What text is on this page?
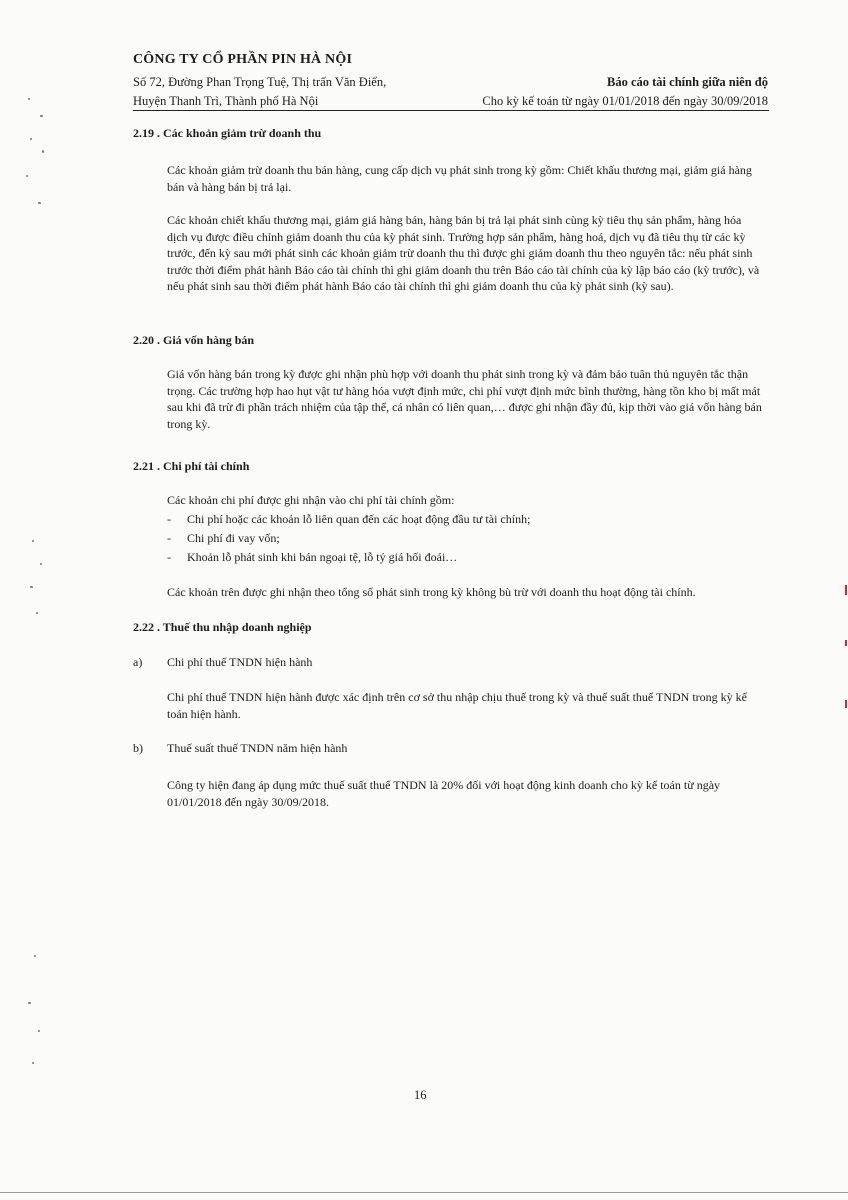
CÔNG TY CỔ PHẦN PIN HÀ NỘI
Số 72, Đường Phan Trọng Tuệ, Thị trấn Văn Điển,
Huyện Thanh Trì, Thành phố Hà Nội
Báo cáo tài chính giữa niên độ
Cho kỳ kế toán từ ngày 01/01/2018 đến ngày 30/09/2018
2.19 . Các khoản giảm trừ doanh thu
Các khoản giảm trừ doanh thu bán hàng, cung cấp dịch vụ phát sinh trong kỳ gồm: Chiết khấu thương mại, giảm giá hàng bán và hàng bán bị trả lại.
Các khoản chiết khấu thương mại, giảm giá hàng bán, hàng bán bị trả lại phát sinh cùng kỳ tiêu thụ sản phẩm, hàng hóa dịch vụ được điều chỉnh giảm doanh thu của kỳ phát sinh. Trường hợp sản phẩm, hàng hoá, dịch vụ đã tiêu thụ từ các kỳ trước, đến kỳ sau mới phát sinh các khoản giảm trừ doanh thu thì được ghi giảm doanh thu theo nguyên tắc: nếu phát sinh trước thời điểm phát hành Báo cáo tài chính thì ghi giảm doanh thu trên Báo cáo tài chính của kỳ lập báo cáo (kỳ trước), và nếu phát sinh sau thời điểm phát hành Báo cáo tài chính thì ghi giảm doanh thu của kỳ phát sinh (kỳ sau).
2.20 . Giá vốn hàng bán
Giá vốn hàng bán trong kỳ được ghi nhận phù hợp với doanh thu phát sinh trong kỳ và đảm bảo tuân thủ nguyên tắc thận trọng. Các trường hợp hao hụt vật tư hàng hóa vượt định mức, chi phí vượt định mức bình thường, hàng tồn kho bị mất mát sau khi đã trừ đi phần trách nhiệm của tập thể, cá nhân có liên quan,… được ghi nhận đầy đủ, kịp thời vào giá vốn hàng bán trong kỳ.
2.21 . Chi phí tài chính
Các khoản chi phí được ghi nhận vào chi phí tài chính gồm:
- Chi phí hoặc các khoản lỗ liên quan đến các hoạt động đầu tư tài chính;
- Chi phí đi vay vốn;
- Khoản lỗ phát sinh khi bán ngoại tệ, lỗ tỷ giá hối đoái…
Các khoản trên được ghi nhận theo tổng số phát sinh trong kỳ không bù trừ với doanh thu hoạt động tài chính.
2.22 . Thuế thu nhập doanh nghiệp
a) Chi phí thuế TNDN hiện hành
Chi phí thuế TNDN hiện hành được xác định trên cơ sở thu nhập chịu thuế trong kỳ và thuế suất thuế TNDN trong kỳ kế toán hiện hành.
b) Thuế suất thuế TNDN năm hiện hành
Công ty hiện đang áp dụng mức thuế suất thuế TNDN là 20% đối với hoạt động kinh doanh cho kỳ kế toán từ ngày 01/01/2018 đến ngày 30/09/2018.
16
